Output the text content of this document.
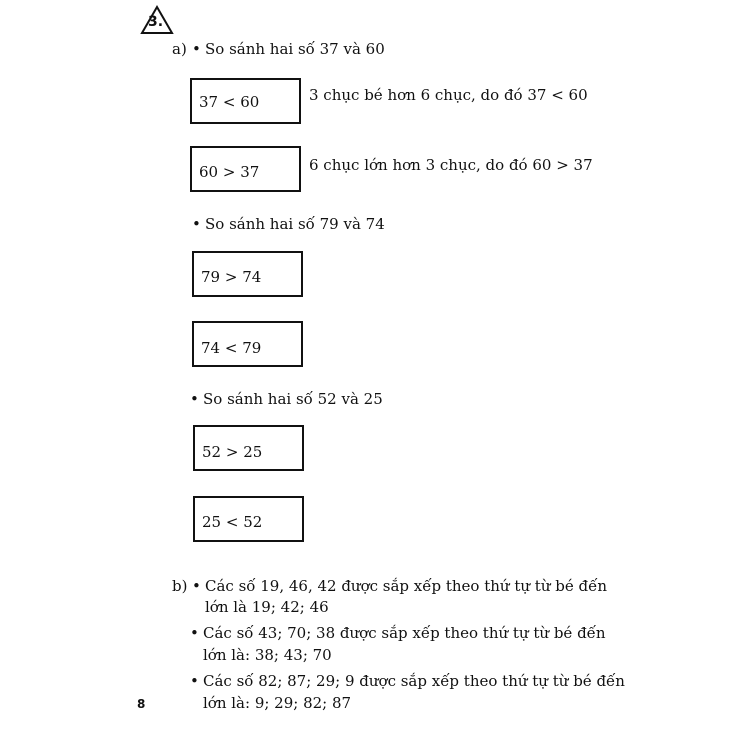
3.
a) • So sánh hai số 37 và 60
37 < 60	3 chục bé hơn 6 chục, do đó 37 < 60
60 > 37	6 chục lớn hơn 3 chục, do đó 60 > 37
• So sánh hai số 79 và 74
79 > 74
74 < 79
• So sánh hai số 52 và 25
52 > 25
25 < 52
b) • Các số 19, 46, 42 được sắp xếp theo thứ tự từ bé đến
lớn là 19; 42; 46
• Các số 43; 70; 38 được sắp xếp theo thứ tự từ bé đến
lớn là: 38; 43; 70
• Các số 82; 87; 29; 9 được sắp xếp theo thứ tự từ bé đến
lớn là: 9; 29; 82; 87
8
